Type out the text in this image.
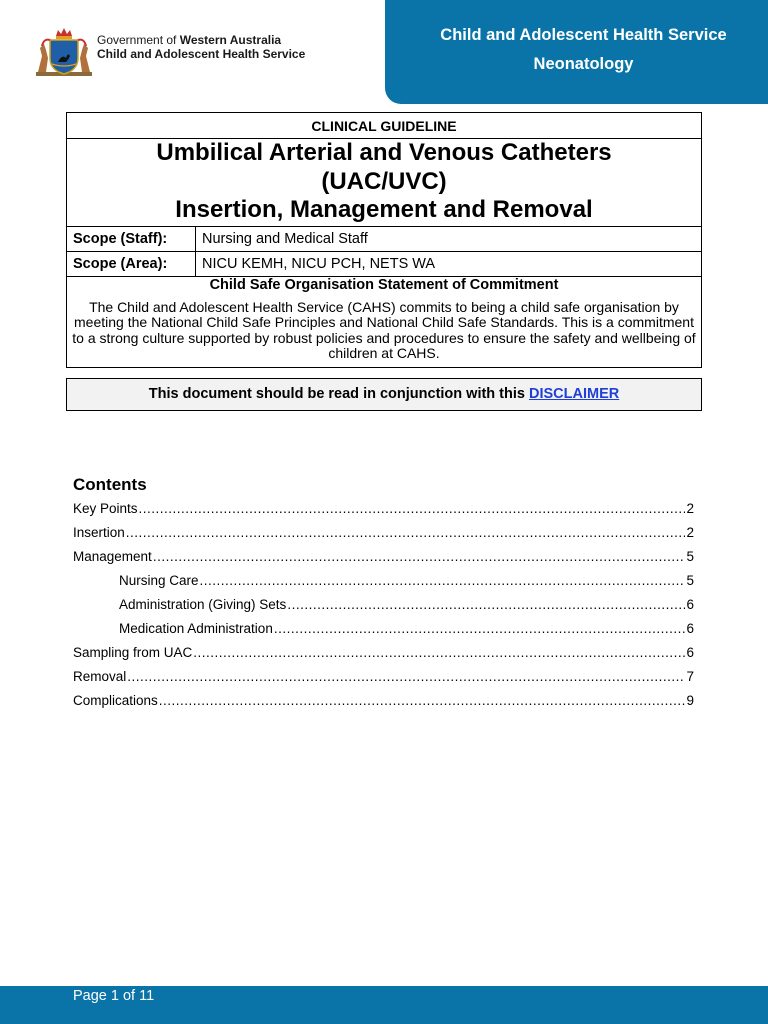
Government of Western Australia
Child and Adolescent Health Service
Child and Adolescent Health Service
Neonatology
CLINICAL GUIDELINE	

Umbilical Arterial and Venous Catheters
(UAC/UVC)
Insertion, Management and Removal	

Scope (Staff):	Nursing and Medical Staff
Scope (Area):	NICU KEMH, NICU PCH, NETS WA

Child Safe Organisation Statement of Commitment
The Child and Adolescent Health Service (CAHS) commits to being a child safe organisation by meeting the National Child Safe Principles and National Child Safe Standards. This is a commitment to a strong culture supported by robust policies and procedures to ensure the safety and wellbeing of children at CAHS.	
This document should be read in conjunction with this DISCLAIMER
Contents
Key Points .....	2
Insertion .....	2
Management .....	5
Nursing Care .....	5
Administration (Giving) Sets .....	6
Medication Administration .....	6
Sampling from UAC .....	6
Removal .....	7
Complications .....	9
Page 1 of 11
